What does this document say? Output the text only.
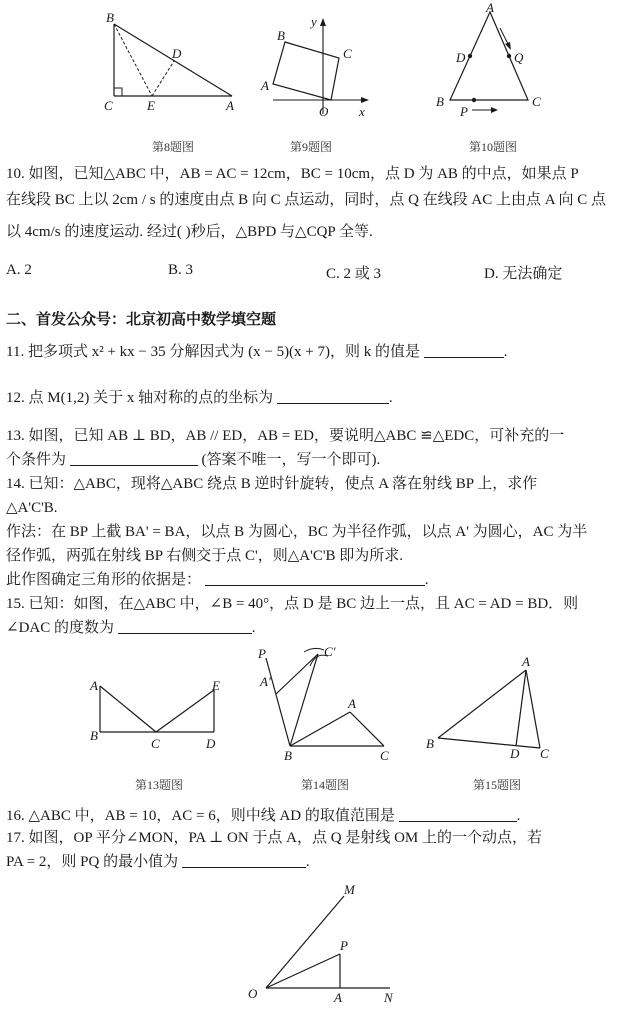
B
D
C	E	A
第8题图
y
B
C
A
O x
第9题图
A
D	Q
B
P
C
第10题图
10. 如图，已知△ABC 中，AB = AC = 12cm，BC = 10cm，点 D 为 AB 的中点，如果点 P
在线段 BC 上以 2cm / s 的速度由点 B 向 C 点运动，同时，点 Q 在线段 AC 上由点 A 向 C 点
以 4cm/s 的速度运动. 经过( )秒后，△BPD 与△CQP 全等.
A. 2	B. 3	C. 2 或 3	D. 无法确定
二、首发公众号：北京初高中数学填空题
11. 把多项式 x² + kx − 35 分解因式为 (x − 5)(x + 7)，则 k 的值是	.
12. 点 M(1,2) 关于 x 轴对称的点的坐标为	.
13. 如图，已知 AB ⊥ BD，AB // ED，AB = ED，要说明△ABC ≌△EDC，可补充的一
个条件为	(答案不唯一，写一个即可).
14. 已知：△ABC，现将△ABC 绕点 B 逆时针旋转，使点 A 落在射线 BP 上，求作
△A'C'B.
作法：在 BP 上截 BA' = BA，以点 B 为圆心，BC 为半径作弧，以点 A' 为圆心，AC 为半
径作弧，两弧在射线 BP 右侧交于点 C'，则△A'C'B 即为所求.
此作图确定三角形的依据是：	.
15. 已知：如图，在△ABC 中，∠B = 40°，点 D 是 BC 边上一点，且 AC = AD = BD．则
∠DAC 的度数为	.
A	E
B
C	D
第13题图
P	C'
A'
A
B	C
第14题图
A
B
D C
第15题图
16. △ABC 中，AB = 10，AC = 6，则中线 AD 的取值范围是	.
17. 如图，OP 平分∠MON，PA ⊥ ON 于点 A，点 Q 是射线 OM 上的一个动点，若
PA = 2，则 PQ 的最小值为	.
M
P
O	A	N
